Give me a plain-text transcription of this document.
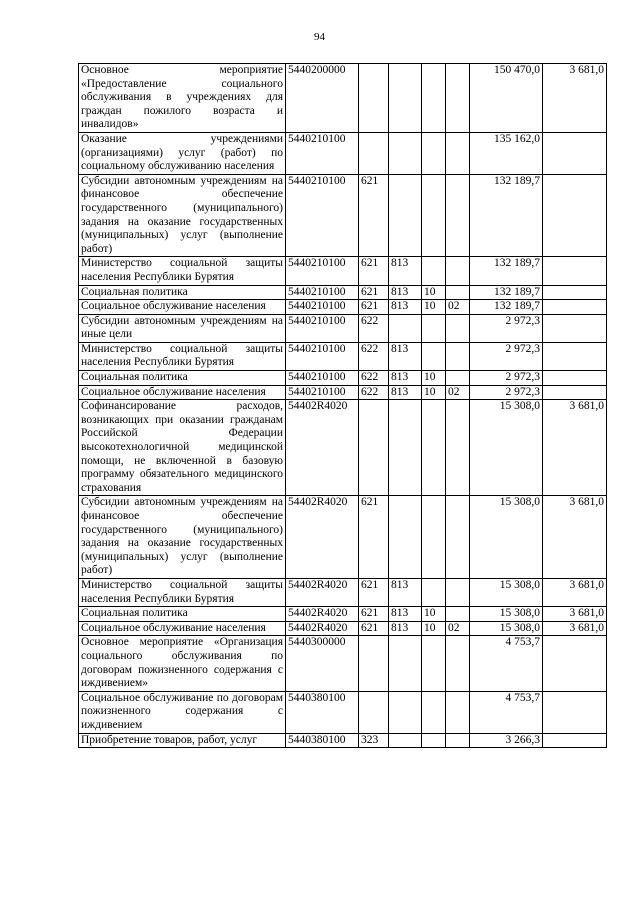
94
Основное мероприятие «Предоставление социального обслуживания в учреждениях для граждан пожилого возраста и инвалидов»	5440200000					150 470,0	3 681,0
Оказание учреждениями (организациями) услуг (работ) по социальному обслуживанию населения	5440210100					135 162,0	
Субсидии автономным учреждениям на финансовое обеспечение государственного (муниципального) задания на оказание государственных (муниципальных) услуг (выполнение работ)	5440210100	621				132 189,7	
Министерство социальной защиты населения Республики Бурятия	5440210100	621	813			132 189,7	
Социальная политика	5440210100	621	813	10		132 189,7	
Социальное обслуживание населения	5440210100	621	813	10	02	132 189,7	
Субсидии автономным учреждениям на иные цели	5440210100	622				2 972,3	
Министерство социальной защиты населения Республики Бурятия	5440210100	622	813			2 972,3	
Социальная политика	5440210100	622	813	10		2 972,3	
Социальное обслуживание населения	5440210100	622	813	10	02	2 972,3	
Софинансирование расходов, возникающих при оказании гражданам Российской Федерации высокотехнологичной медицинской помощи, не включенной в базовую программу обязательного медицинского страхования	54402R4020					15 308,0	3 681,0
Субсидии автономным учреждениям на финансовое обеспечение государственного (муниципального) задания на оказание государственных (муниципальных) услуг (выполнение работ)	54402R4020	621				15 308,0	3 681,0
Министерство социальной защиты населения Республики Бурятия	54402R4020	621	813			15 308,0	3 681,0
Социальная политика	54402R4020	621	813	10		15 308,0	3 681,0
Социальное обслуживание населения	54402R4020	621	813	10	02	15 308,0	3 681,0
Основное мероприятие «Организация социального обслуживания по договорам пожизненного содержания с иждивением»	5440300000					4 753,7	
Социальное обслуживание по договорам пожизненного содержания с иждивением	5440380100					4 753,7	
Приобретение товаров, работ, услуг	5440380100	323				3 266,3	
